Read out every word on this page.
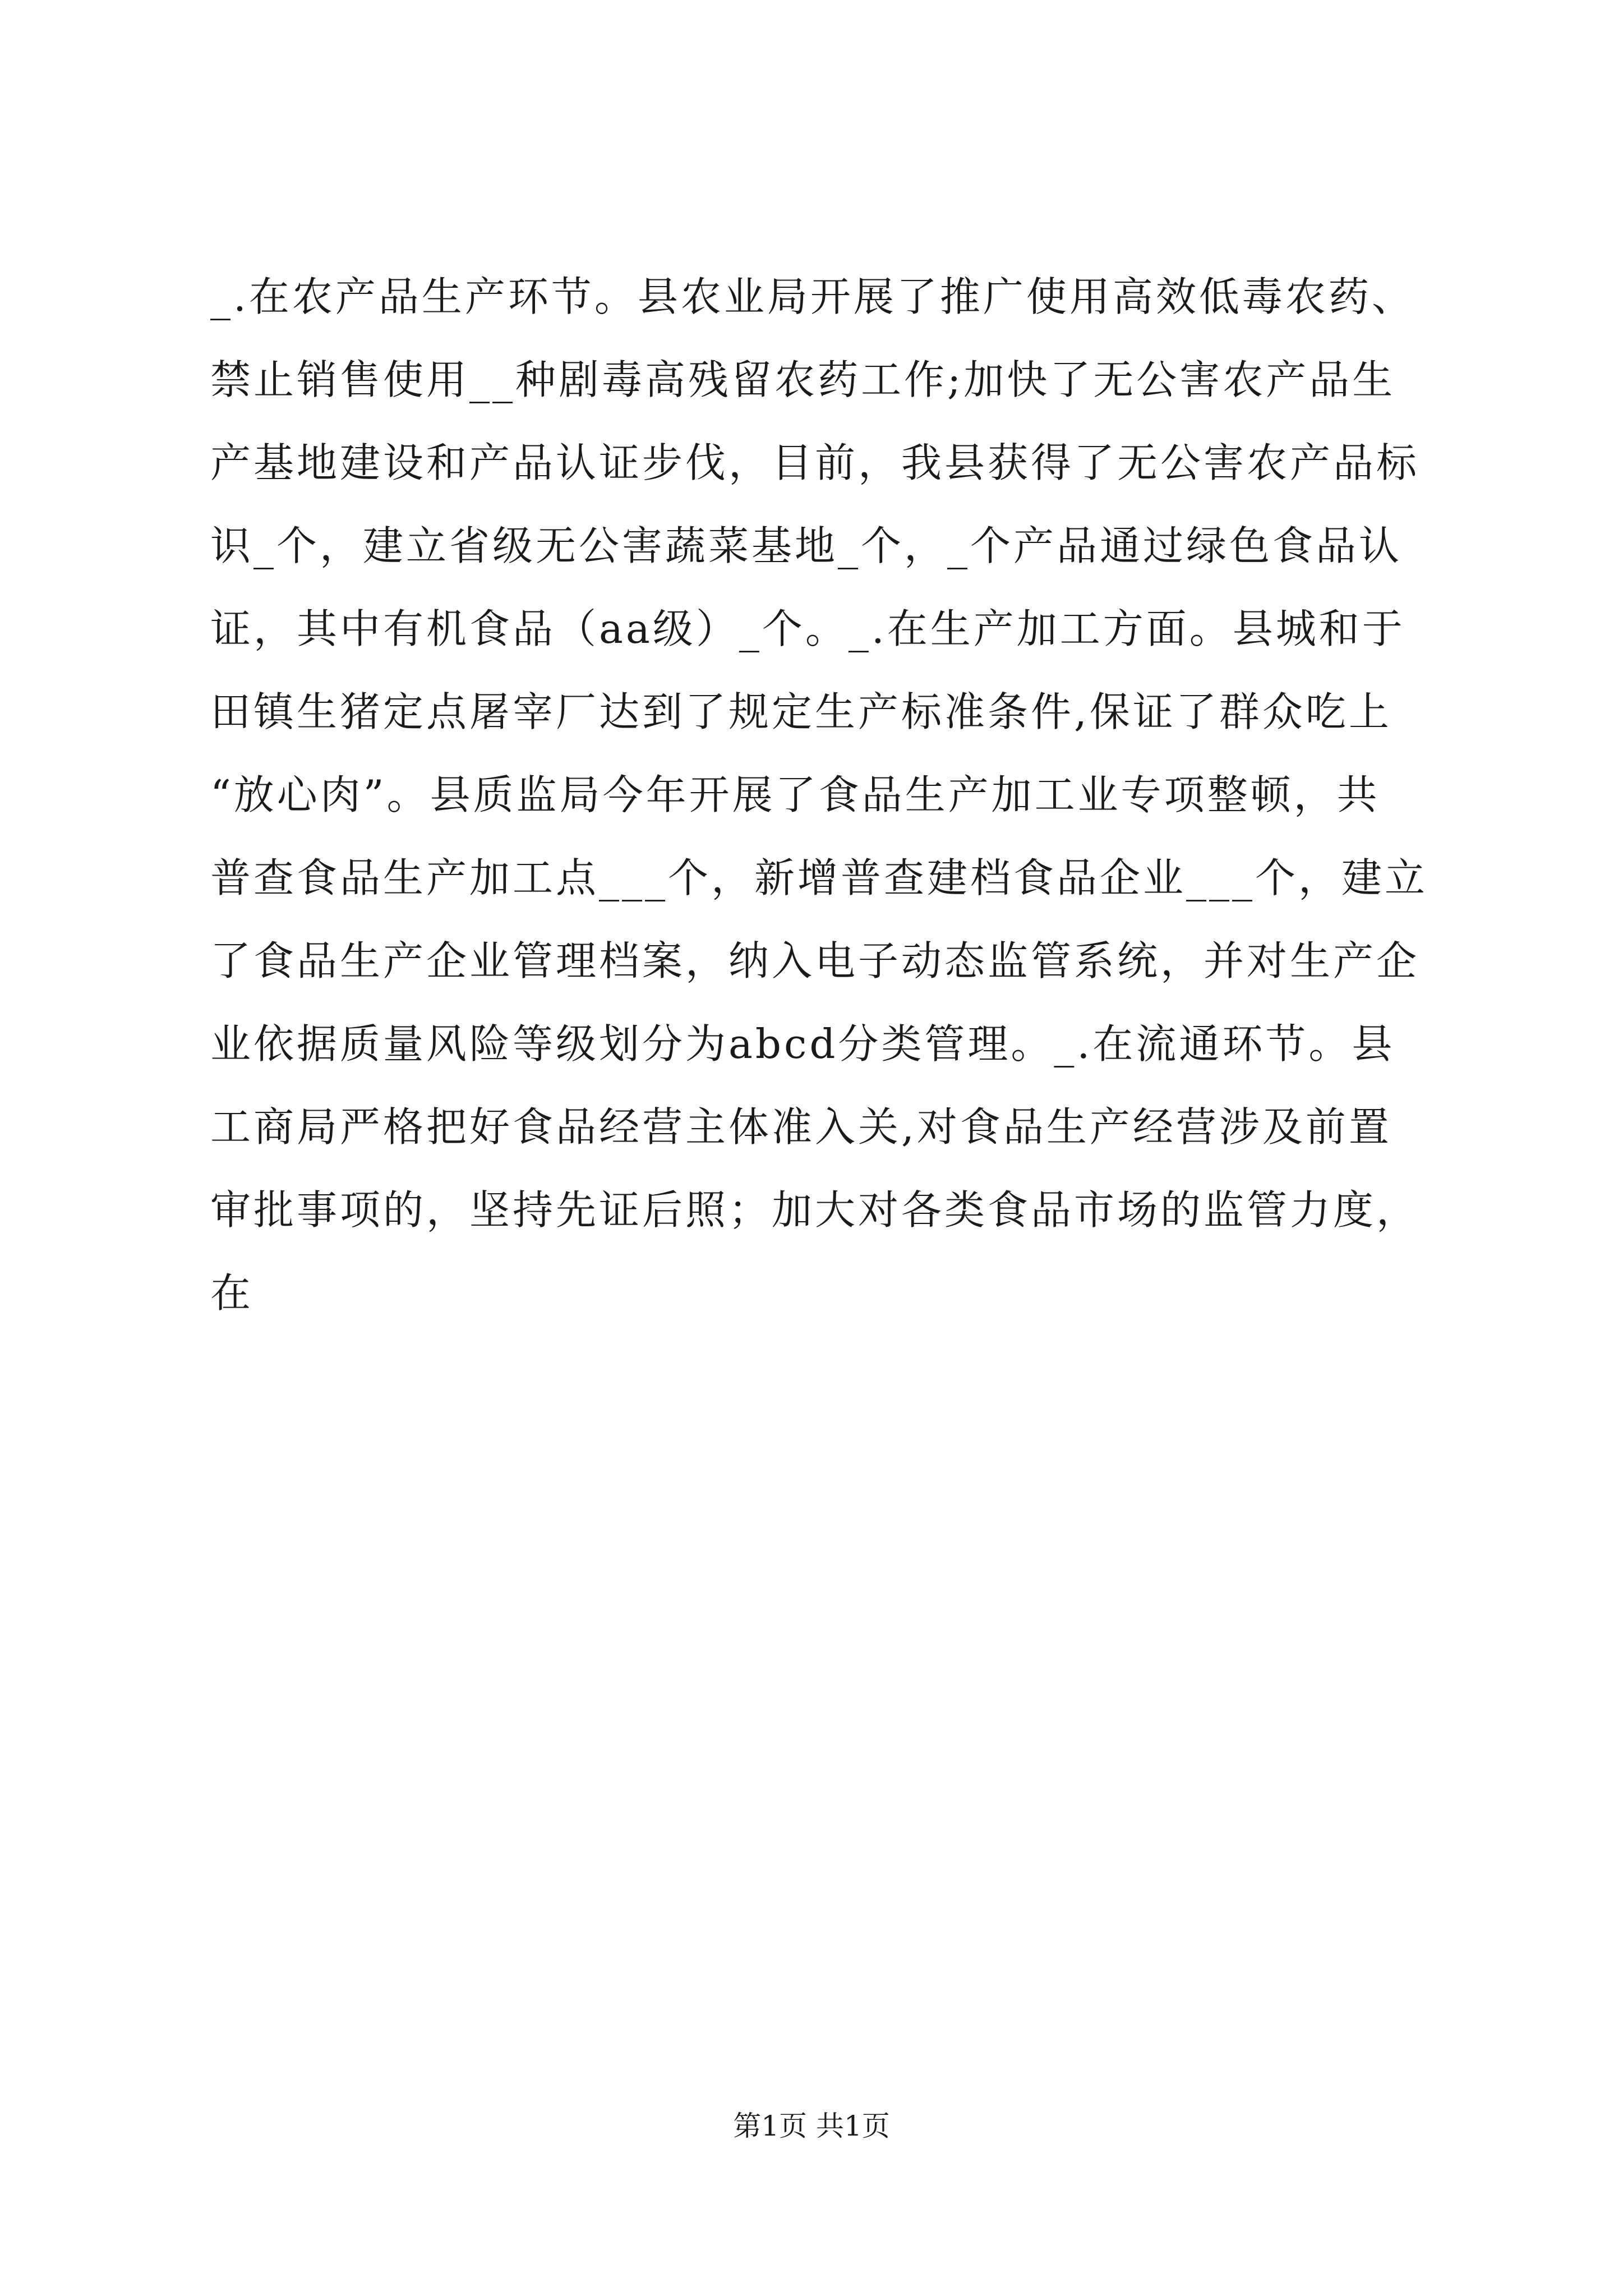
_.在农产品生产环节。县农业局开展了推广使用高效低毒农药、
禁止销售使用__种剧毒高残留农药工作;加快了无公害农产品生
产基地建设和产品认证步伐，目前，我县获得了无公害农产品标
识_个，建立省级无公害蔬菜基地_个，_个产品通过绿色食品认
证，其中有机食品（aa级）_个。_.在生产加工方面。县城和于
田镇生猪定点屠宰厂达到了规定生产标准条件,保证了群众吃上
“放心肉”。县质监局今年开展了食品生产加工业专项整顿，共
普查食品生产加工点___个，新增普查建档食品企业___个，建立
了食品生产企业管理档案，纳入电子动态监管系统，并对生产企
业依据质量风险等级划分为abcd分类管理。_.在流通环节。县
工商局严格把好食品经营主体准入关,对食品生产经营涉及前置
审批事项的，坚持先证后照；加大对各类食品市场的监管力度，
在
第1页 共1页
